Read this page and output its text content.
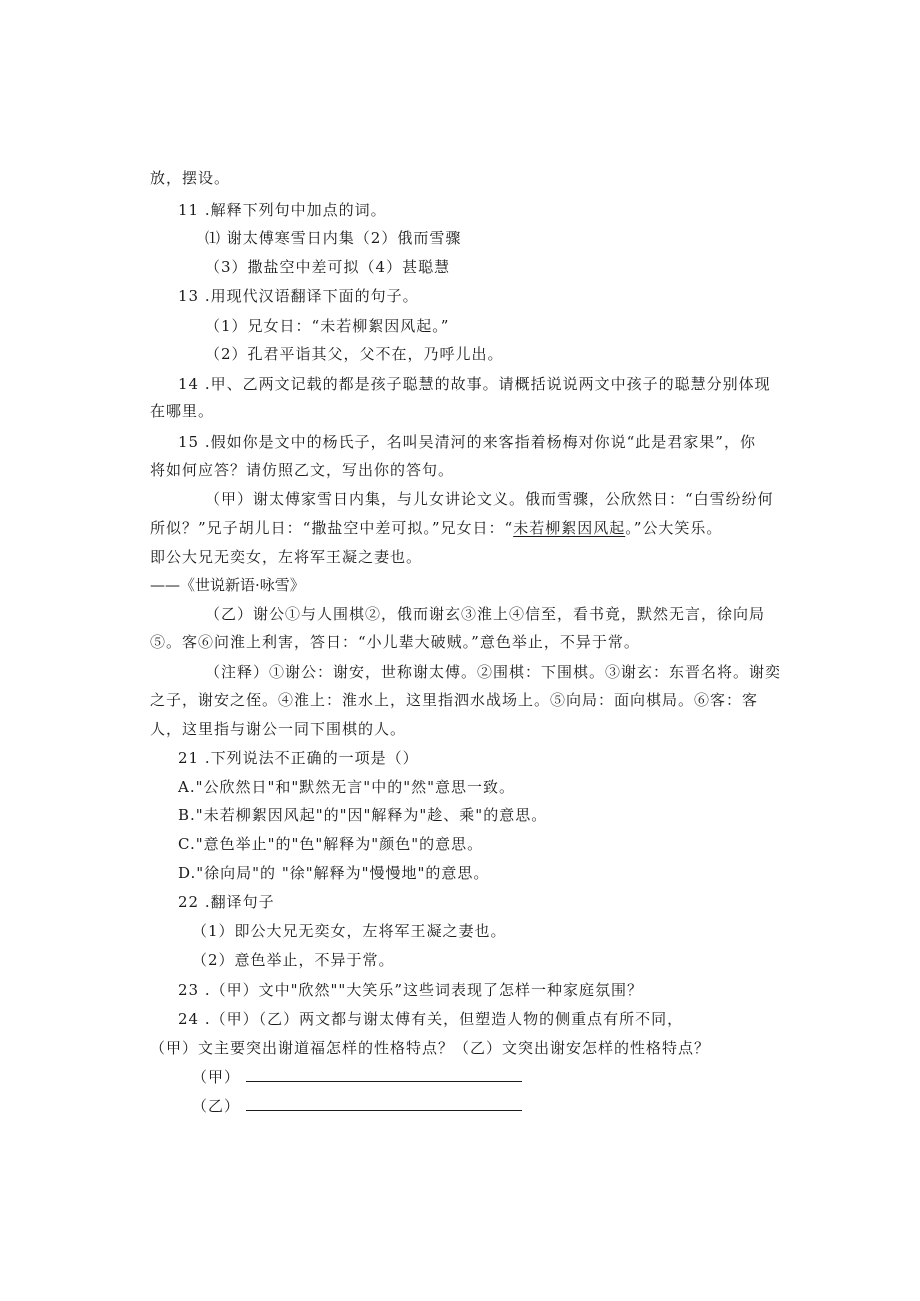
放，摆设。
11 .解释下列句中加点的词。
⑴ 谢太傅寒雪日内集（2）俄而雪骤
（3）撒盐空中差可拟（4）甚聪慧
13 .用现代汉语翻译下面的句子。
（1）兄女日：“未若柳絮因风起。”
（2）孔君平诣其父，父不在，乃呼儿出。
14 .甲、乙两文记载的都是孩子聪慧的故事。请概括说说两文中孩子的聪慧分别体现
在哪里。
15 .假如你是文中的杨氏子，名叫吴清河的来客指着杨梅对你说“此是君家果”，你
将如何应答？请仿照乙文，写出你的答句。
（甲）谢太傅家雪日内集，与儿女讲论文义。俄而雪骤，公欣然日：“白雪纷纷何
所似？”兄子胡儿日：“撒盐空中差可拟。”兄女日：“未若柳絮因风起。”公大笑乐。
即公大兄无奕女，左将军王凝之妻也。
——《世说新语·咏雪》
（乙）谢公①与人围棋②，俄而谢玄③淮上④信至，看书竟，默然无言，徐向局
⑤。客⑥问淮上利害，答日：“小儿辈大破贼。”意色举止，不异于常。
（注释）①谢公：谢安，世称谢太傅。②围棋：下围棋。③谢玄：东晋名将。谢奕
之子，谢安之侄。④淮上：淮水上，这里指泗水战场上。⑤向局：面向棋局。⑥客：客
人，这里指与谢公一同下围棋的人。
21 .下列说法不正确的一项是（）
A."公欣然日"和"默然无言"中的"然"意思一致。
B."未若柳絮因风起"的"因"解释为"趁、乘"的意思。
C."意色举止"的"色"解释为"颜色"的意思。
D."徐向局"的 "徐"解释为"慢慢地"的意思。
22 .翻译句子
（1）即公大兄无奕女，左将军王凝之妻也。
（2）意色举止，不异于常。
23 .（甲）文中"欣然""大笑乐”这些词表现了怎样一种家庭氛围？
24 .（甲）（乙）两文都与谢太傅有关，但塑造人物的侧重点有所不同，
（甲）文主要突出谢道福怎样的性格特点？（乙）文突出谢安怎样的性格特点？
（甲）
（乙）
